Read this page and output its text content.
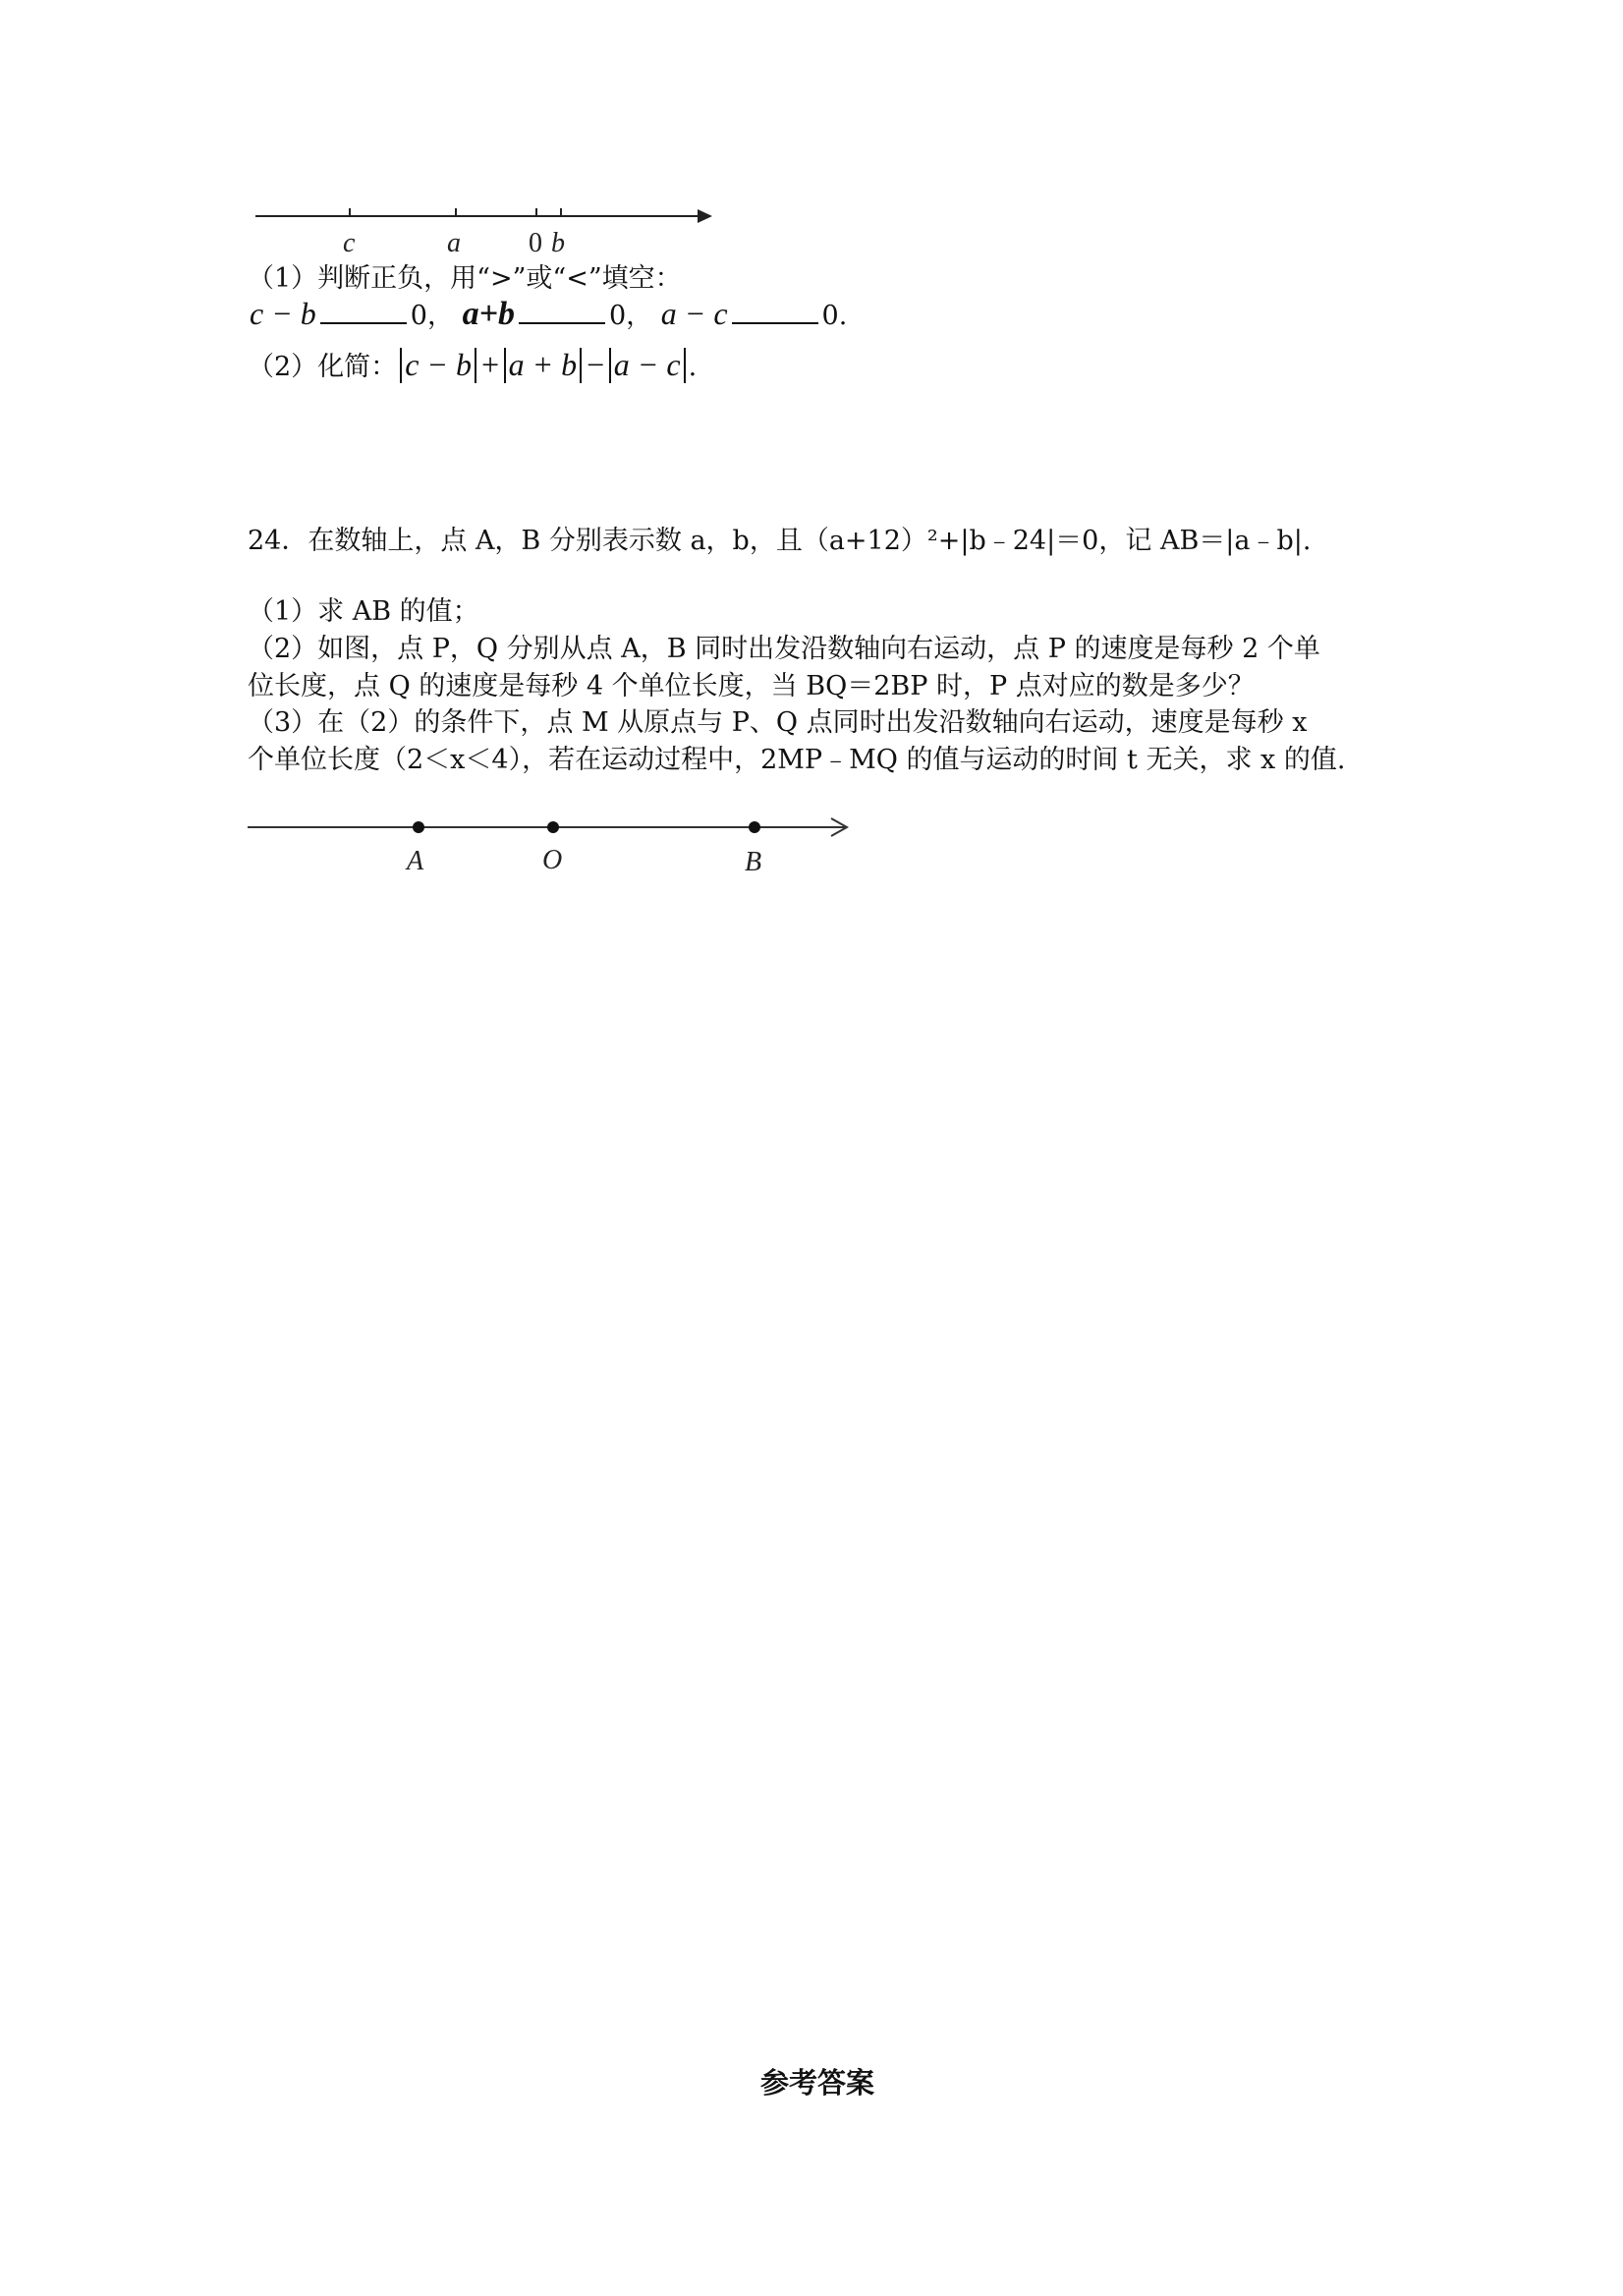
c	a 0 b
（1）判断正负，用“>”或“<”填空：
c − b	0， a+b	0， a − c	0.
（2）化简： c − b + a + b − a − c .
24．在数轴上，点 A，B 分别表示数 a，b，且（a+12）²+|b﹣24|＝0，记 AB＝|a﹣b|.
（1）求 AB 的值；
（2）如图，点 P，Q 分别从点 A，B 同时出发沿数轴向右运动，点 P 的速度是每秒 2 个单
位长度，点 Q 的速度是每秒 4 个单位长度，当 BQ＝2BP 时，P 点对应的数是多少？
（3）在（2）的条件下，点 M 从原点与 P、Q 点同时出发沿数轴向右运动，速度是每秒 x
个单位长度（2＜x＜4），若在运动过程中，2MP﹣MQ 的值与运动的时间 t 无关，求 x 的值.
A	O	B
参考答案
